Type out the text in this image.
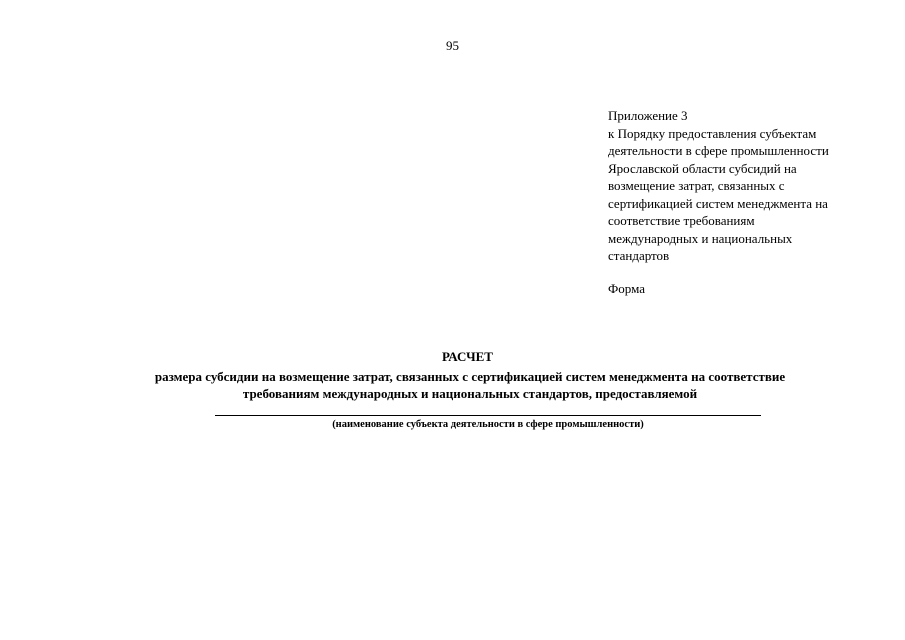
95
Приложение 3
к Порядку предоставления субъектам
деятельности в сфере промышленности
Ярославской области субсидий на
возмещение затрат, связанных с
сертификацией систем менеджмента на
соответствие требованиям
международных и национальных
стандартов
Форма
РАСЧЕТ
размера субсидии на возмещение затрат, связанных с сертификацией систем менеджмента на соответствие
требованиям международных и национальных стандартов, предоставляемой
(наименование субъекта деятельности в сфере промышленности)
